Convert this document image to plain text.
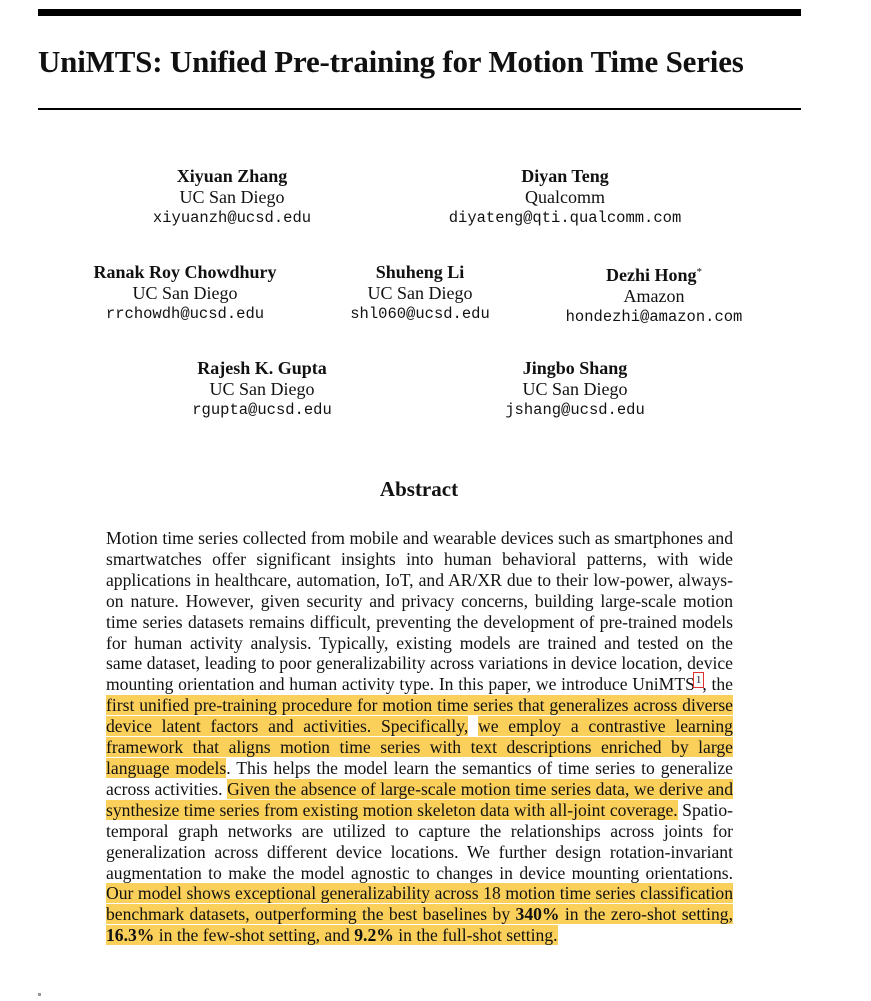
UniMTS: Unified Pre-training for Motion Time Series
Xiyuan Zhang
UC San Diego
xiyuanzh@ucsd.edu
Diyan Teng
Qualcomm
diyateng@qti.qualcomm.com
Ranak Roy Chowdhury
UC San Diego
rrchowdh@ucsd.edu
Shuheng Li
UC San Diego
shl060@ucsd.edu
Dezhi Hong*
Amazon
hondezhi@amazon.com
Rajesh K. Gupta
UC San Diego
rgupta@ucsd.edu
Jingbo Shang
UC San Diego
jshang@ucsd.edu
Abstract
Motion time series collected from mobile and wearable devices such as smartphones and smartwatches offer significant insights into human behavioral patterns, with wide applications in healthcare, automation, IoT, and AR/XR due to their low-power, always-on nature. However, given security and privacy concerns, building large-scale motion time series datasets remains difficult, preventing the development of pre-trained models for human activity analysis. Typically, existing models are trained and tested on the same dataset, leading to poor generalizability across variations in device location, device mounting orientation and human activity type. In this paper, we introduce UniMTS$^1$, the first unified pre-training procedure for motion time series that generalizes across diverse device latent factors and activities. Specifically, we employ a contrastive learning framework that aligns motion time series with text descriptions enriched by large language models. This helps the model learn the semantics of time series to generalize across activities. Given the absence of large-scale motion time series data, we derive and synthesize time series from existing motion skeleton data with all-joint coverage. Spatio-temporal graph networks are utilized to capture the relationships across joints for generalization across different device locations. We further design rotation-invariant augmentation to make the model agnostic to changes in device mounting orientations. Our model shows exceptional generalizability across 18 motion time series classification benchmark datasets, outperforming the best baselines by 340% in the zero-shot setting, 16.3% in the few-shot setting, and 9.2% in the full-shot setting.
